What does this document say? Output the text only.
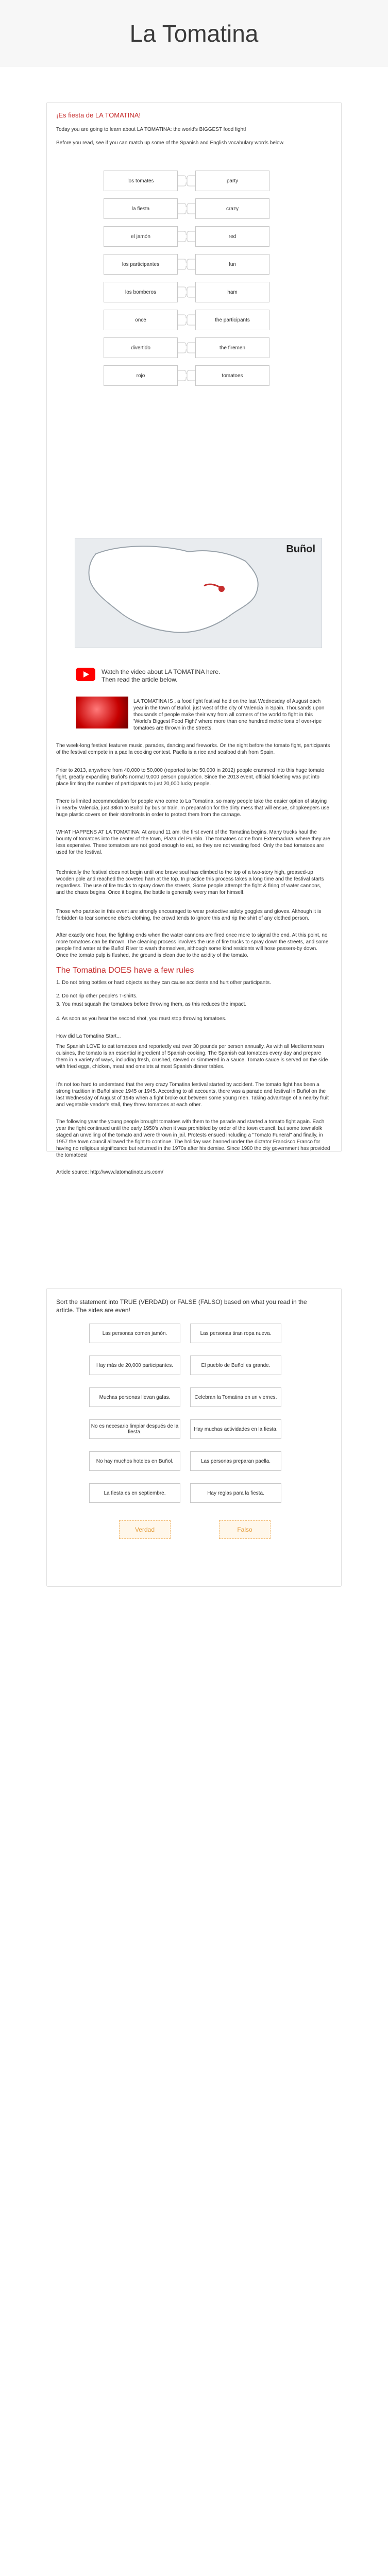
La Tomatina
¡Es fiesta de LA TOMATINA!
Today you are going to learn about LA TOMATINA: the world's BIGGEST food fight!
Before you read, see if you can match up some of the Spanish and English vocabulary words below.
los tomates	party
la fiesta	crazy
el jamón	red
los participantes	fun
los bomberos	ham
once	the participants
divertido	the firemen
rojo	tomatoes
Buñol
Watch the video about LA TOMATINA here.
Then read the article below.
LA TOMATINA IS , a food fight festival held on the last Wednesday of August each year in the town of Buñol, just west of the city of Valencia in Spain. Thousands upon thousands of people make their way from all corners of the world to fight in this 'World's Biggest Food Fight' where more than one hundred metric tons of over-ripe tomatoes are thrown in the streets.
The week-long festival features music, parades, dancing and fireworks. On the night before the tomato fight, participants of the festival compete in a paella cooking contest. Paella is a rice and seafood dish from Spain.
Prior to 2013, anywhere from 40,000 to 50,000 (reported to be 50,000 in 2012) people crammed into this huge tomato fight, greatly expanding Buñol's normal 9,000 person population. Since the 2013 event, official ticketing was put into place limiting the number of participants to just 20,000 lucky people.
There is limited accommodation for people who come to La Tomatina, so many people take the easier option of staying in nearby Valencia, just 38km to Buñol by bus or train. In preparation for the dirty mess that will ensue, shopkeepers use huge plastic covers on their storefronts in order to protect them from the carnage.
WHAT HAPPENS AT LA TOMATINA: At around 11 am, the first event of the Tomatina begins. Many trucks haul the bounty of tomatoes into the center of the town, Plaza del Pueblo. The tomatoes come from Extremadura, where they are less expensive. These tomatoes are not good enough to eat, so they are not wasting food. Only the bad tomatoes are used for the festival.
Technically the festival does not begin until one brave soul has climbed to the top of a two-story high, greased-up wooden pole and reached the coveted ham at the top. In practice this process takes a long time and the festival starts regardless. The use of fire trucks to spray down the streets, Some people attempt the fight & firing of water cannons, and the chaos begins. Once it begins, the battle is generally every man for himself.
Those who partake in this event are strongly encouraged to wear protective safety goggles and gloves. Although it is forbidden to tear someone else's clothing, the crowd tends to ignore this and rip the shirt of any clothed person.
After exactly one hour, the fighting ends when the water cannons are fired once more to signal the end. At this point, no more tomatoes can be thrown. The cleaning process involves the use of fire trucks to spray down the streets, and some people find water at the Buñol River to wash themselves, although some kind residents will hose passers-by down. Once the tomato pulp is flushed, the ground is clean due to the acidity of the tomato.
The Tomatina DOES have a few rules
1. Do not bring bottles or hard objects as they can cause accidents and hurt other participants.
2. Do not rip other people's T-shirts.
3. You must squash the tomatoes before throwing them, as this reduces the impact.
4. As soon as you hear the second shot, you must stop throwing tomatoes.
How did La Tomatina Start...
The Spanish LOVE to eat tomatoes and reportedly eat over 30 pounds per person annually. As with all Mediterranean cuisines, the tomato is an essential ingredient of Spanish cooking. The Spanish eat tomatoes every day and prepare them in a variety of ways, including fresh, crushed, stewed or simmered in a sauce. Tomato sauce is served on the side with fried eggs, chicken, meat and omelets at most Spanish dinner tables.
It's not too hard to understand that the very crazy Tomatina festival started by accident. The tomato fight has been a strong tradition in Buñol since 1945 or 1945. According to all accounts, there was a parade and festival in Buñol on the last Wednesday of August of 1945 when a fight broke out between some young men. Taking advantage of a nearby fruit and vegetable vendor's stall, they threw tomatoes at each other.
The following year the young people brought tomatoes with them to the parade and started a tomato fight again. Each year the fight continued until the early 1950's when it was prohibited by order of the town council, but some townsfolk staged an unveiling of the tomato and were thrown in jail. Protests ensued including a "Tomato Funeral" and finally, in 1957 the town council allowed the fight to continue. The holiday was banned under the dictator Francisco Franco for having no religious significance but returned in the 1970s after his demise. Since 1980 the city government has provided the tomatoes!
Article source: http://www.latomatinatours.com/
Sort the statement into TRUE (VERDAD) or FALSE (FALSO) based on what you read in the article. The sides are even!
Las personas comen jamón.	Las personas tiran ropa nueva.
Hay más de 20,000 participantes.	El pueblo de Buñol es grande.
Muchas personas llevan gafas.	Celebran la Tomatina en un viernes.
No es necesario limpiar después de la fiesta.	Hay muchas actividades en la fiesta.
No hay muchos hoteles en Buñol.	Las personas preparan paella.
La fiesta es en septiembre.	Hay reglas para la fiesta.
Verdad	Falso
